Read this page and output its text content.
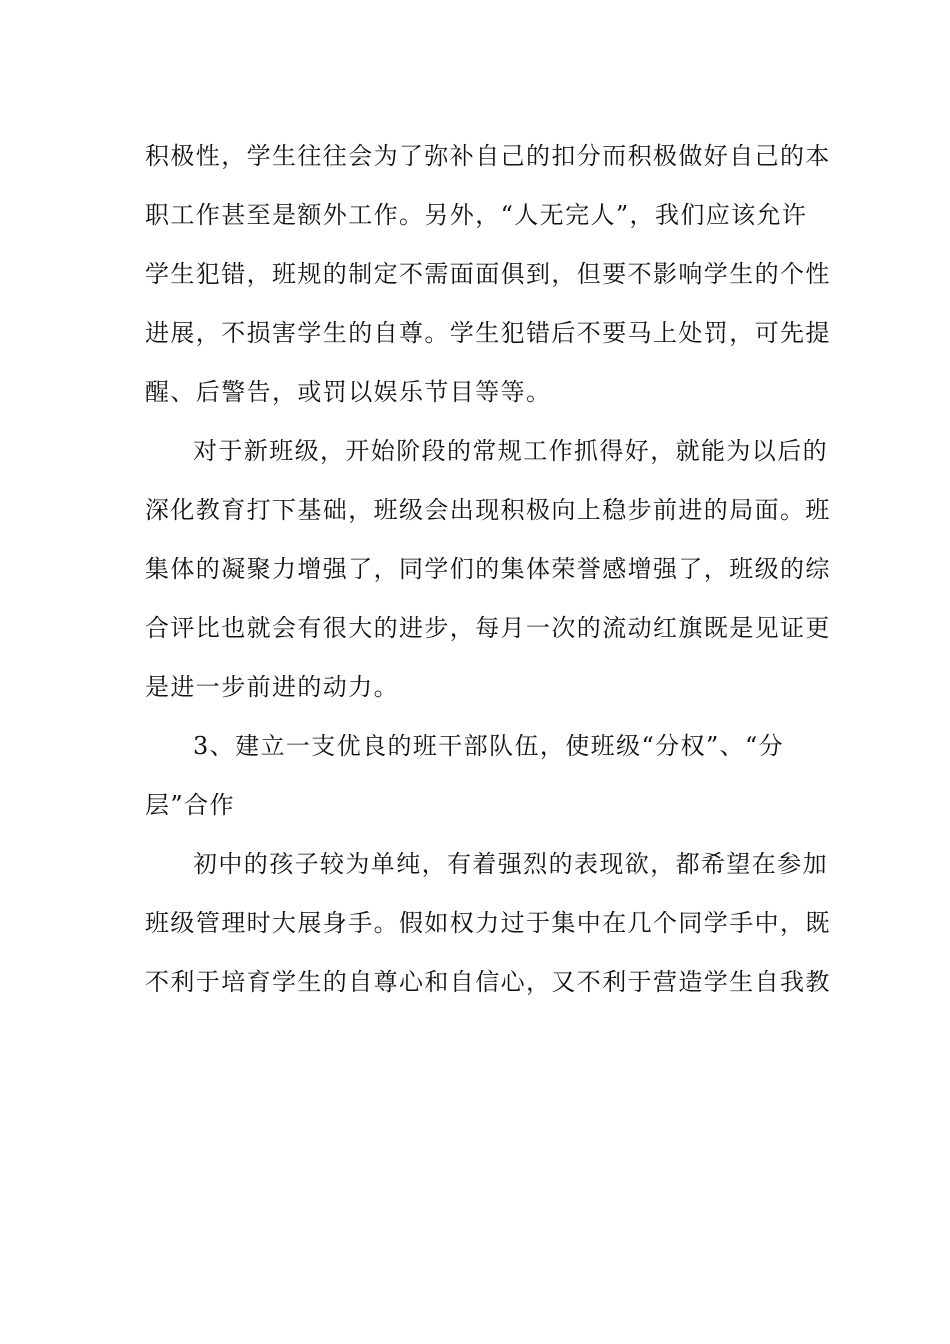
积极性，学生往往会为了弥补自己的扣分而积极做好自己的本
职工作甚至是额外工作。另外，“人无完人”，我们应该允许
学生犯错，班规的制定不需面面俱到，但要不影响学生的个性
进展，不损害学生的自尊。学生犯错后不要马上处罚，可先提
醒、后警告，或罚以娱乐节目等等。
对于新班级，开始阶段的常规工作抓得好，就能为以后的
深化教育打下基础，班级会出现积极向上稳步前进的局面。班
集体的凝聚力增强了，同学们的集体荣誉感增强了，班级的综
合评比也就会有很大的进步，每月一次的流动红旗既是见证更
是进一步前进的动力。
3、建立一支优良的班干部队伍，使班级“分权”、“分
层”合作
初中的孩子较为单纯，有着强烈的表现欲，都希望在参加
班级管理时大展身手。假如权力过于集中在几个同学手中，既
不利于培育学生的自尊心和自信心，又不利于营造学生自我教
